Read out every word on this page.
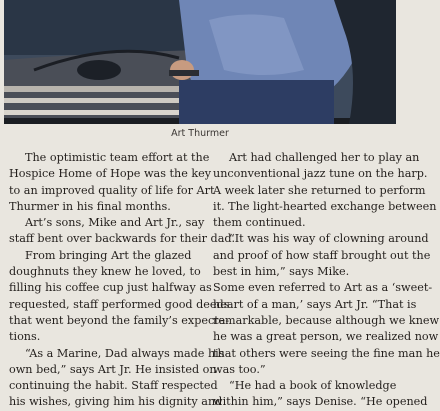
Art Thurmer

The optimistic team effort at the
Hospice Home of Hope was the key
to an improved quality of life for Art
Thurmer in his final months.

Art’s sons, Mike and Art Jr., say
staff bent over backwards for their dad.

From bringing Art the glazed
doughnuts they knew he loved, to
filling his coffee cup just halfway as
requested, staff performed good deeds
that went beyond the family’s expecta-
tions.

“As a Marine, Dad always made his
own bed,” says Art Jr. He insisted on
continuing the habit. Staff respected
his wishes, giving him his dignity and

Art had challenged her to play an
unconventional jazz tune on the harp.
A week later she returned to perform
it. The light-hearted exchange between
them continued.

“It was his way of clowning around
and proof of how staff brought out the
best in him,” says Mike.

Some even referred to Art as a ‘sweet-
heart of a man,’ says Art Jr. “That is
remarkable, because although we knew
he was a great person, we realized now
that others were seeing the fine man he
was too.”

“He had a book of knowledge
within him,” says Denise. “He opened
